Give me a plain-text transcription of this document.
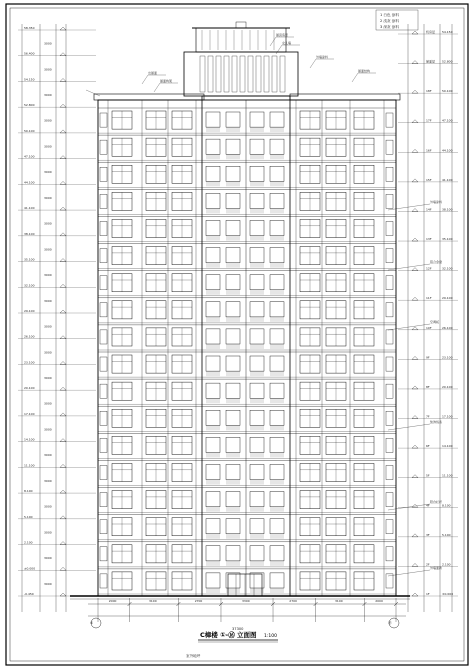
58.350
3000
56.400
3000
54.150
3000
52.800
3000
50.100
3000
47.100
3000
44.100
3000
41.100
3000
38.100
3000
35.100
3000
32.100
3000
29.100
3000
26.100
3000
23.100
3000
20.100
3000
17.100
3000
14.100
3000
11.100
3000
8.100
3000
5.100
3000
2.100
3000
±0.000
3000
-0.450
机房层 54.150
屋面层 52.800
18F	50.100
17F	47.100
16F	44.100
15F	41.100
14F	38.100
13F	35.100
12F	32.100
11F	29.100
10F	26.100
9F	23.100
8F	20.100
7F	17.100
6F	14.100
5F	11.100
4F	8.100
3F	5.100
2F	2.100
1F	±0.000
2000	3100	2700	3300	2700	3100	2000
屋面构架
屋顶造型
女儿墙
外墙涂料
屋面结构
出屋面
外墙涂料
铝合金窗
空调板
装饰线条
阳台栏杆
外墙面砖
1 白色 涂料
2 浅灰 涂料
3 深灰 涂料
C樟楼 ①-⑯ 立面图 1:100
室外地坪
37300
①	⑯
